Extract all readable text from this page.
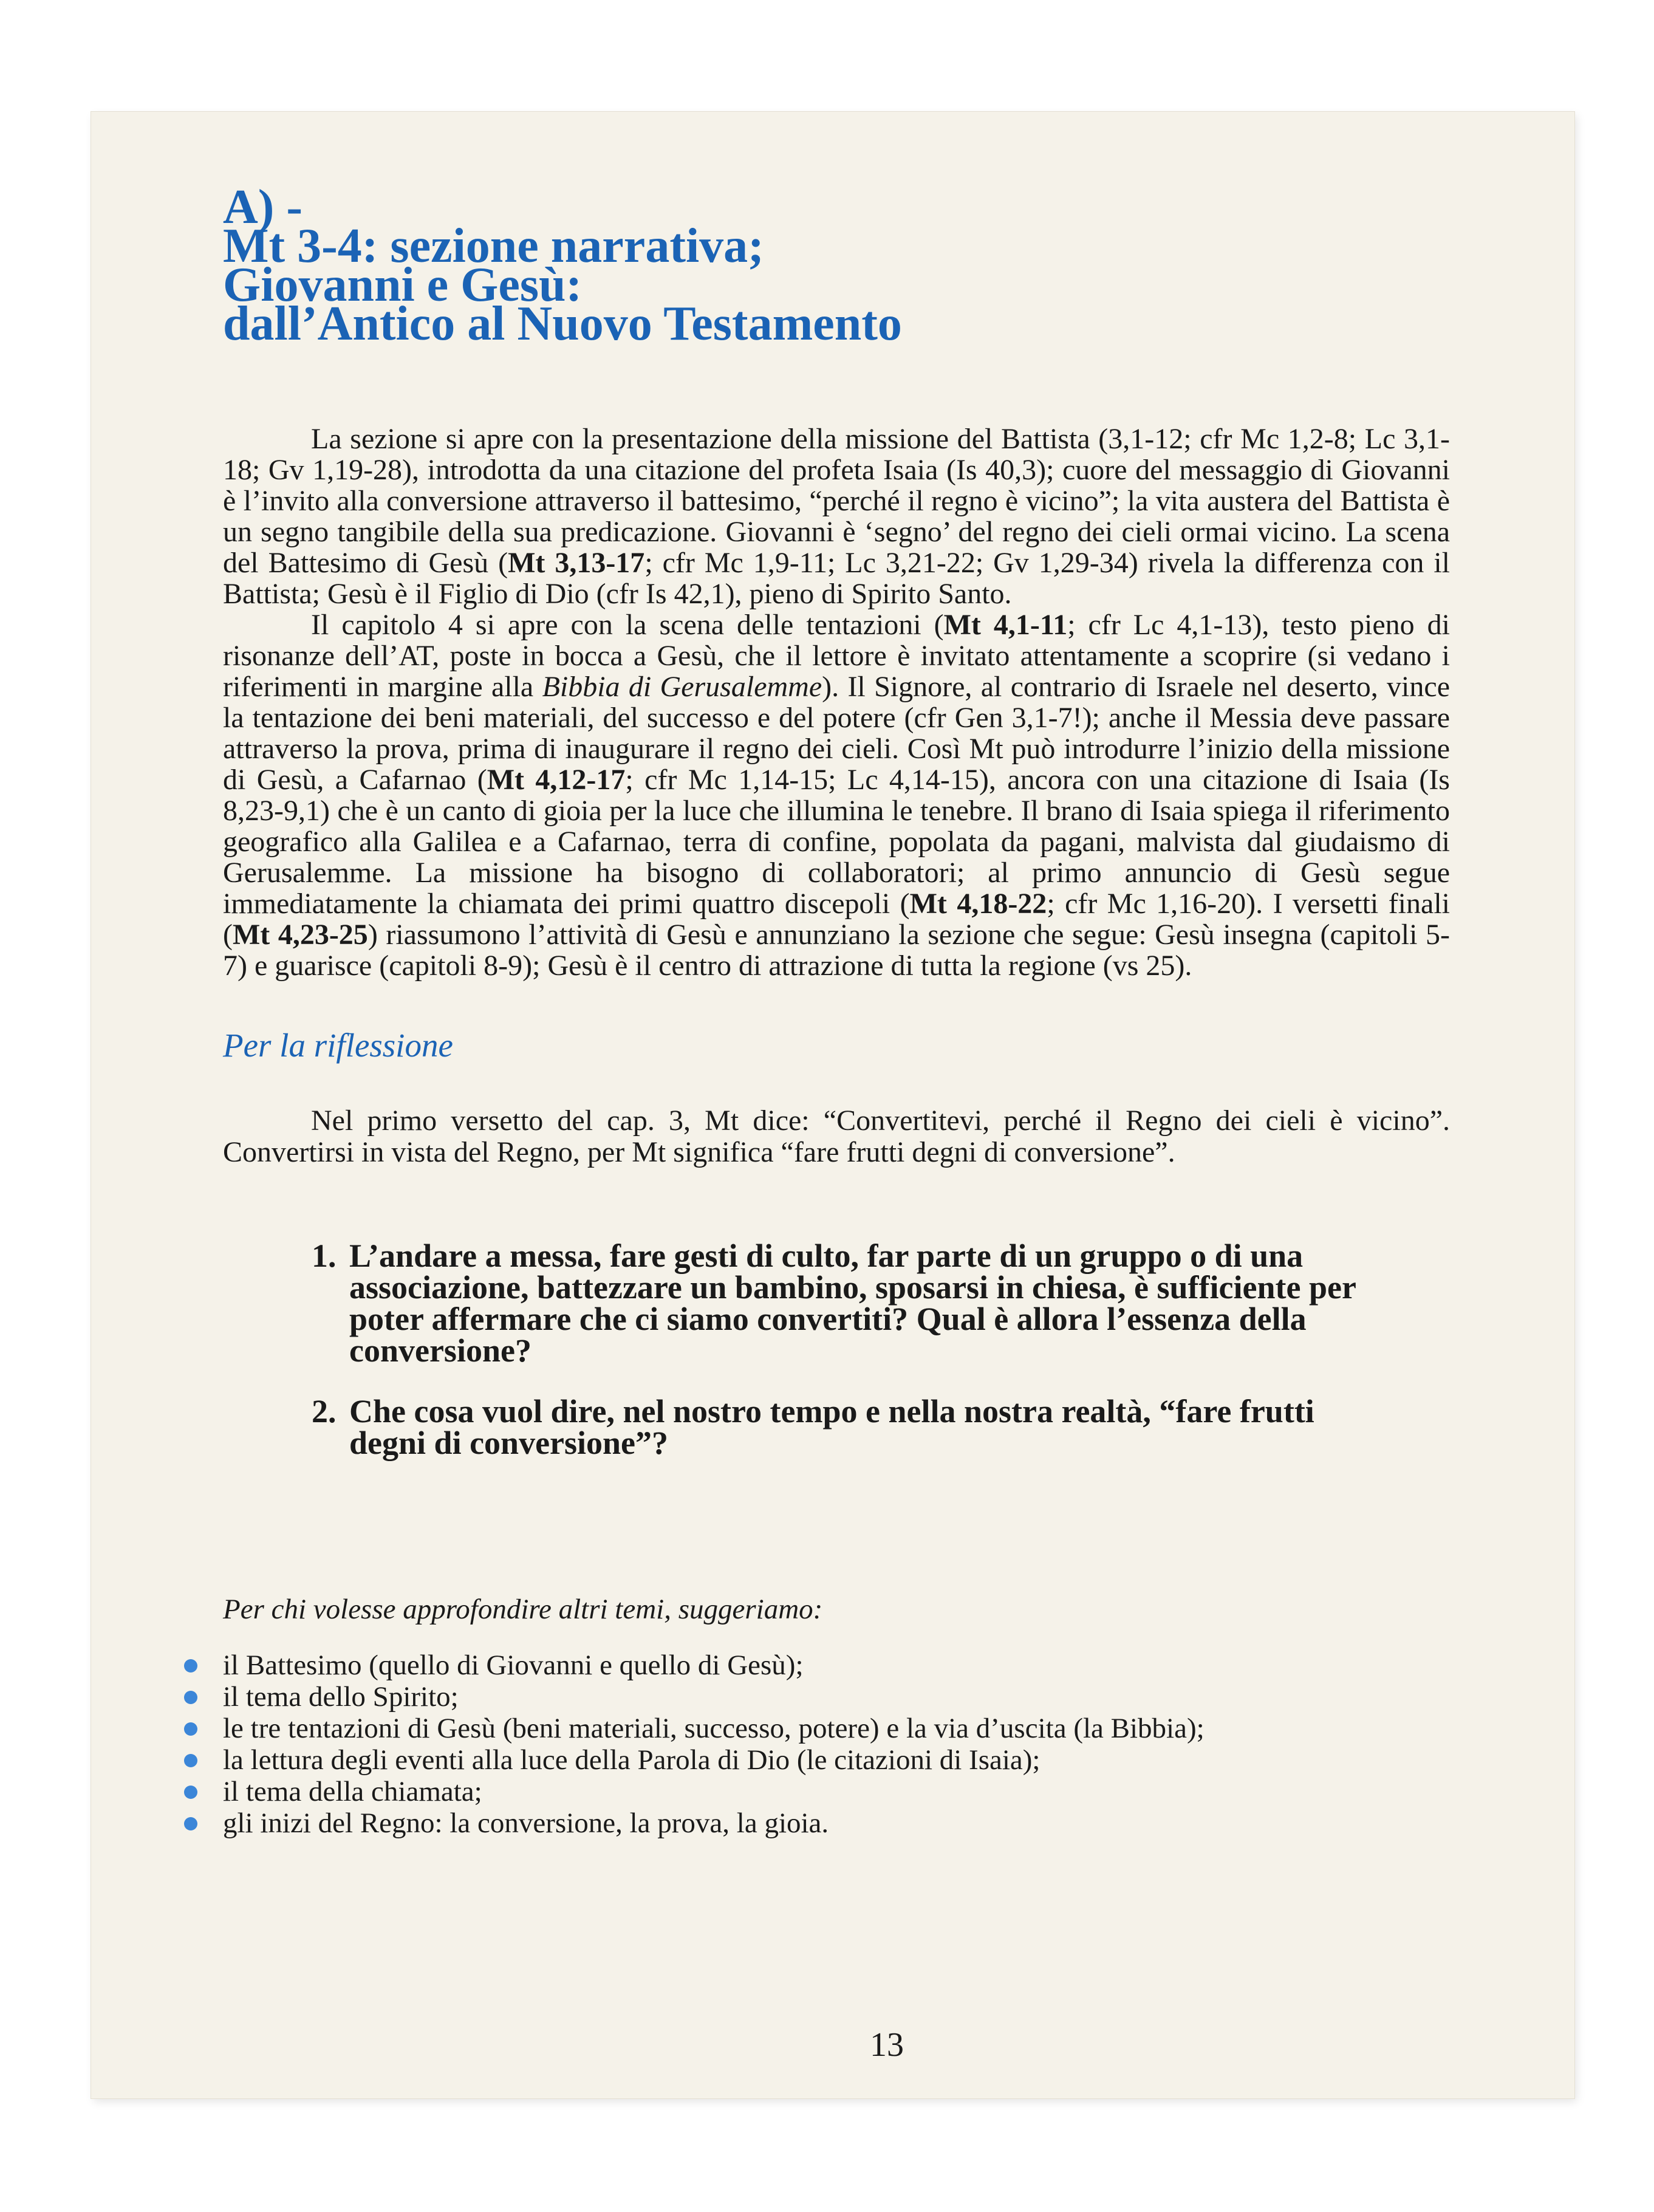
A) -
Mt 3-4: sezione narrativa;
Giovanni e Gesù:
dall’Antico al Nuovo Testamento

La sezione si apre con la presentazione della missione del Battista (3,1-12; cfr Mc 1,2-8; Lc 3,1-18; Gv 1,19-28), introdotta da una citazione del profeta Isaia (Is 40,3); cuore del messaggio di Giovanni è l’invito alla conversione attraverso il battesimo, “perché il regno è vicino”; la vita austera del Battista è un segno tangibile della sua predicazione. Giovanni è ‘segno’ del regno dei cieli ormai vicino. La scena del Battesimo di Gesù (Mt 3,13-17; cfr Mc 1,9-11; Lc 3,21-22; Gv 1,29-34) rivela la differenza con il Battista; Gesù è il Figlio di Dio (cfr Is 42,1), pieno di Spirito Santo.

Il capitolo 4 si apre con la scena delle tentazioni (Mt 4,1-11; cfr Lc 4,1-13), testo pieno di risonanze dell’AT, poste in bocca a Gesù, che il lettore è invitato attentamente a scoprire (si vedano i riferimenti in margine alla Bibbia di Gerusalemme). Il Signore, al contrario di Israele nel deserto, vince la tentazione dei beni materiali, del successo e del potere (cfr Gen 3,1-7!); anche il Messia deve passare attraverso la prova, prima di inaugurare il regno dei cieli. Così Mt può introdurre l’inizio della missione di Gesù, a Cafarnao (Mt 4,12-17; cfr Mc 1,14-15; Lc 4,14-15), ancora con una citazione di Isaia (Is 8,23-9,1) che è un canto di gioia per la luce che illumina le tenebre. Il brano di Isaia spiega il riferimento geografico alla Galilea e a Cafarnao, terra di confine, popolata da pagani, malvista dal giudaismo di Gerusalemme. La missione ha bisogno di collaboratori; al primo annuncio di Gesù segue immediatamente la chiamata dei primi quattro discepoli (Mt 4,18-22; cfr Mc 1,16-20). I versetti finali (Mt 4,23-25) riassumono l’attività di Gesù e annunziano la sezione che segue: Gesù insegna (capitoli 5-7) e guarisce (capitoli 8-9); Gesù è il centro di attrazione di tutta la regione (vs 25).

Per la riflessione
Nel primo versetto del cap. 3, Mt dice: “Convertitevi, perché il Regno dei cieli è vicino”. Convertirsi in vista del Regno, per Mt significa “fare frutti degni di conversione”.
1. L’andare a messa, fare gesti di culto, far parte di un gruppo o di una associazione, battezzare un bambino, sposarsi in chiesa, è sufficiente per poter affermare che ci siamo convertiti? Qual è allora l’essenza della conversione?
2. Che cosa vuol dire, nel nostro tempo e nella nostra realtà, “fare frutti degni di conversione”?
Per chi volesse approfondire altri temi, suggeriamo:
il Battesimo (quello di Giovanni e quello di Gesù);
il tema dello Spirito;
le tre tentazioni di Gesù (beni materiali, successo, potere) e la via d’uscita (la Bibbia);
la lettura degli eventi alla luce della Parola di Dio (le citazioni di Isaia);
il tema della chiamata;
gli inizi del Regno: la conversione, la prova, la gioia.
13
